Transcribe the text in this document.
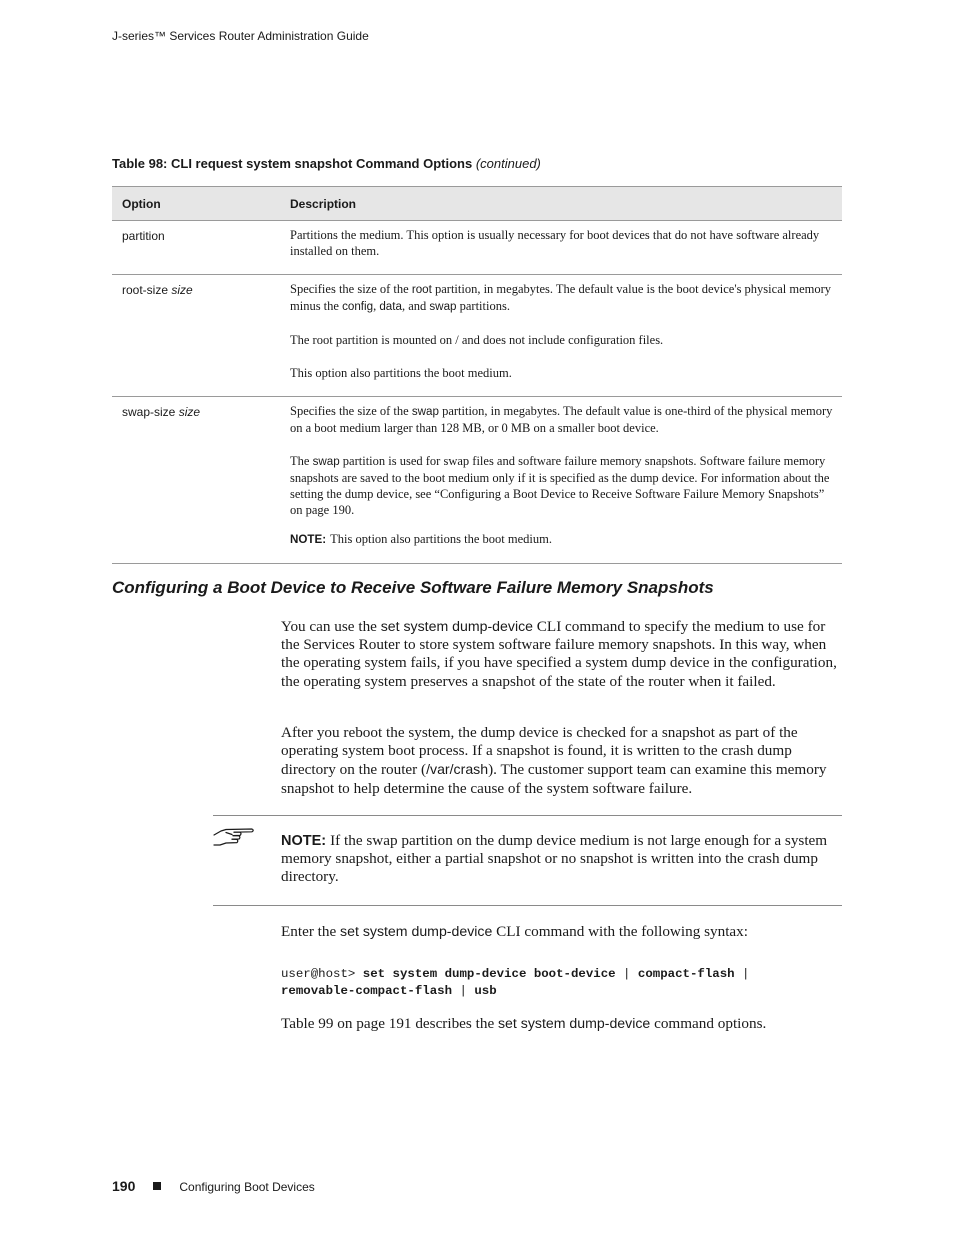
J-series™ Services Router Administration Guide
Table 98: CLI request system snapshot Command Options (continued)
Option	Description
partition	Partitions the medium. This option is usually necessary for boot devices that do not have software already installed on them.

root-size size	Specifies the size of the root partition, in megabytes. The default value is the boot device's physical memory minus the config, data, and swap partitions.

The root partition is mounted on / and does not include configuration files.

This option also partitions the boot medium.

swap-size size	Specifies the size of the swap partition, in megabytes. The default value is one-third of the physical memory on a boot medium larger than 128 MB, or 0 MB on a smaller boot device.

The swap partition is used for swap files and software failure memory snapshots. Software failure memory snapshots are saved to the boot medium only if it is specified as the dump device. For information about the setting the dump device, see “Configuring a Boot Device to Receive Software Failure Memory Snapshots” on page 190.

NOTE: This option also partitions the boot medium.

Configuring a Boot Device to Receive Software Failure Memory Snapshots

You can use the set system dump-device CLI command to specify the medium to use for the Services Router to store system software failure memory snapshots. In this way, when the operating system fails, if you have specified a system dump device in the configuration, the operating system preserves a snapshot of the state of the router when it failed.

After you reboot the system, the dump device is checked for a snapshot as part of the operating system boot process. If a snapshot is found, it is written to the crash dump directory on the router (/var/crash). The customer support team can examine this memory snapshot to help determine the cause of the system software failure.

NOTE: If the swap partition on the dump device medium is not large enough for a system memory snapshot, either a partial snapshot or no snapshot is written into the crash dump directory.

Enter the set system dump-device CLI command with the following syntax:

user@host> set system dump-device boot-device | compact-flash |
removable-compact-flash | usb

Table 99 on page 191 describes the set system dump-device command options.

190	Configuring Boot Devices
